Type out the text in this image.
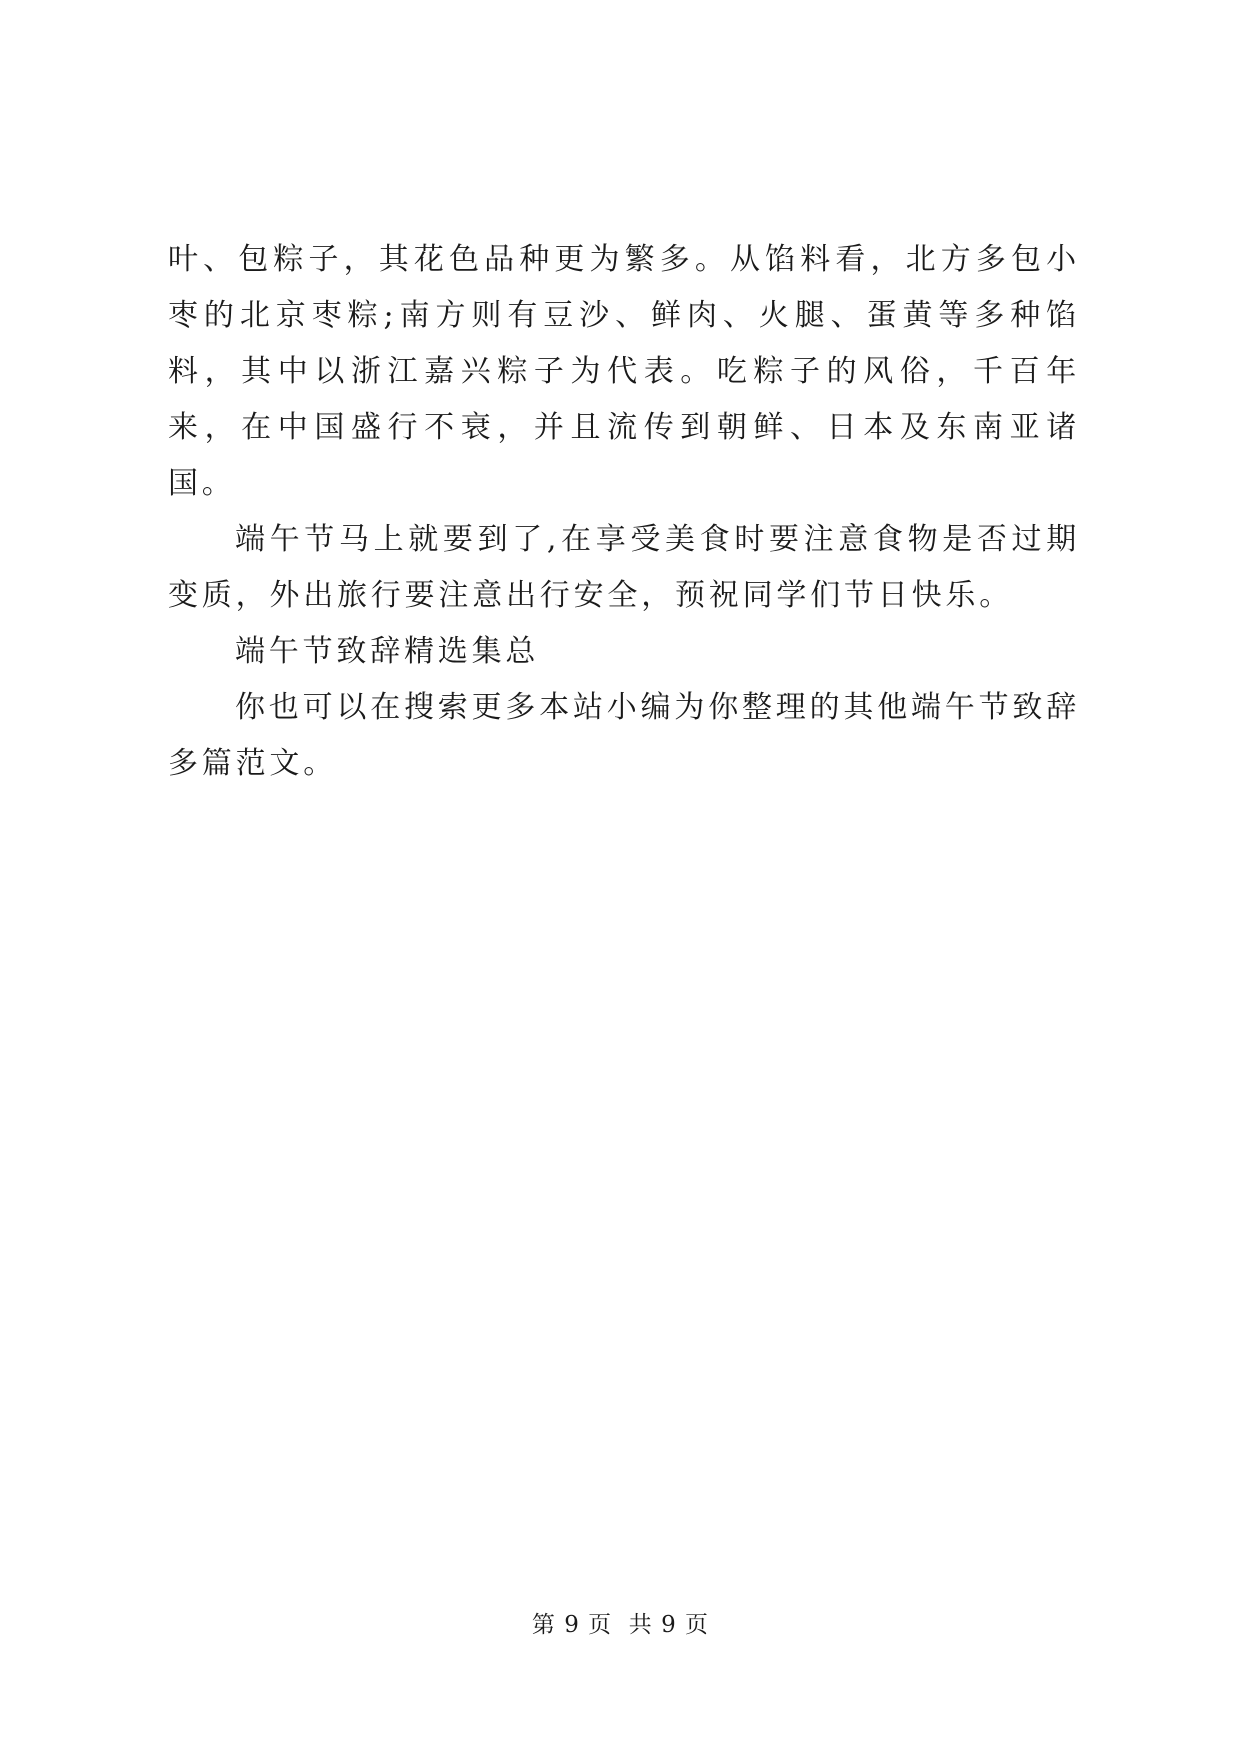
叶、包粽子，其花色品种更为繁多。从馅料看，北方多包小枣的北京枣粽;南方则有豆沙、鲜肉、火腿、蛋黄等多种馅料，其中以浙江嘉兴粽子为代表。吃粽子的风俗，千百年来，在中国盛行不衰，并且流传到朝鲜、日本及东南亚诸国。

端午节马上就要到了,在享受美食时要注意食物是否过期变质，外出旅行要注意出行安全，预祝同学们节日快乐。

端午节致辞精选集总

你也可以在搜索更多本站小编为你整理的其他端午节致辞多篇范文。

第 9 页  共 9 页
